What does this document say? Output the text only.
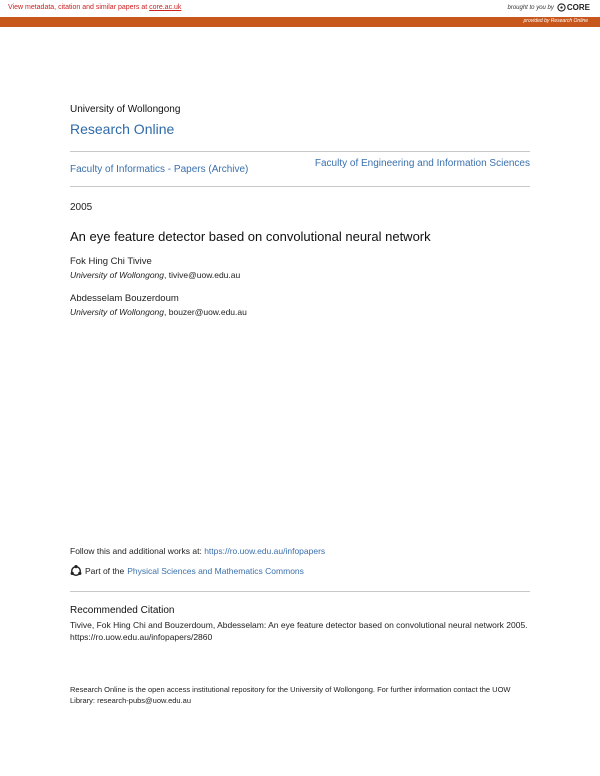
View metadata, citation and similar papers at core.ac.uk	brought to you by CORE
provided by Research Online
University of Wollongong
Research Online
Faculty of Informatics - Papers (Archive)
Faculty of Engineering and Information Sciences
2005
An eye feature detector based on convolutional neural network
Fok Hing Chi Tivive
University of Wollongong, tivive@uow.edu.au
Abdesselam Bouzerdoum
University of Wollongong, bouzer@uow.edu.au
Follow this and additional works at: https://ro.uow.edu.au/infopapers
Part of the Physical Sciences and Mathematics Commons
Recommended Citation
Tivive, Fok Hing Chi and Bouzerdoum, Abdesselam: An eye feature detector based on convolutional neural network 2005.
https://ro.uow.edu.au/infopapers/2860
Research Online is the open access institutional repository for the University of Wollongong. For further information contact the UOW Library: research-pubs@uow.edu.au
